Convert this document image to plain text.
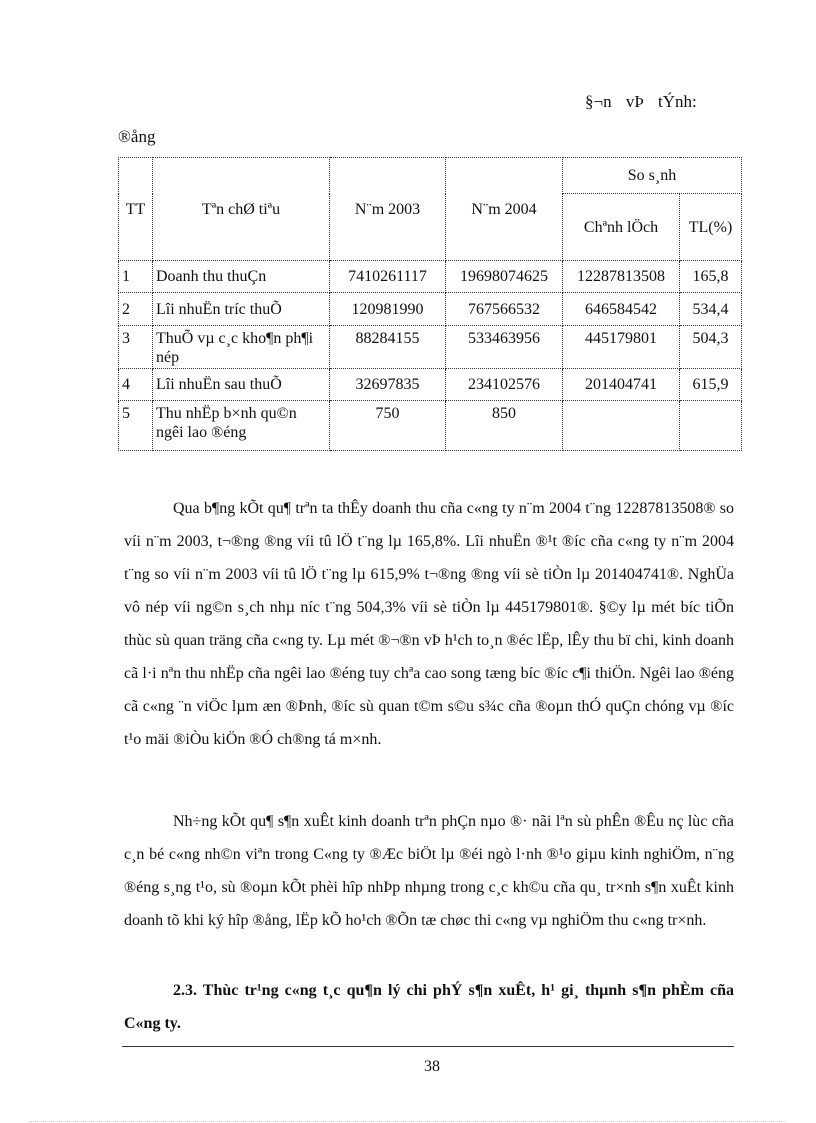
§¬n vÞ tÝnh:
®ång
TT	Tªn chØ tiªu	N¨m 2003	N¨m 2004	So s¸nh	
				Chªnh lÖch	TL(%)
1	Doanh thu thuÇn	7410261117	19698074625	12287813508	165,8
2	Lîi nhuËn tríc thuÕ	120981990	767566532	646584542	534,4
3	ThuÕ vµ c¸c kho¶n ph¶i nép	88284155	533463956	445179801	504,3
4	Lîi nhuËn sau thuÕ	32697835	234102576	201404741	615,9
5	Thu nhËp b×nh qu©n ngêi lao ®éng	750	850		

Qua b¶ng kÕt qu¶ trªn ta thÊy doanh thu cña c«ng ty n¨m 2004 t¨ng 12287813508® so víi n¨m 2003, t¬®ng ®ng víi tû lÖ t¨ng lµ 165,8%. Lîi nhuËn ®¹t ®íc cña c«ng ty n¨m 2004 t¨ng so víi n¨m 2003 víi tû lÖ t¨ng lµ 615,9% t¬®ng ®ng víi sè tiÒn lµ 201404741®. NghÜa vô nép víi ng©n s¸ch nhµ níc t¨ng 504,3% víi sè tiÒn lµ 445179801®. §©y lµ mét bíc tiÕn thùc sù quan träng cña c«ng ty. Lµ mét ®¬®n vÞ h¹ch to¸n ®éc lËp, lÊy thu bï chi, kinh doanh cã l·i nªn thu nhËp cña ngêi lao ®éng tuy chªa cao song tæng bíc ®íc c¶i thiÖn. Ngêi lao ®éng cã c«ng ¨n viÖc lµm æn ®Þnh, ®íc sù quan t©m s©u s¾c cña ®oµn thÓ quÇn chóng vµ ®íc t¹o mäi ®iÒu kiÖn ®Ó ch®ng tá m×nh.

Nh÷ng kÕt qu¶ s¶n xuÊt kinh doanh trªn phÇn nµo ®· nãi lªn sù phÊn ®Êu nç lùc cña c¸n bé c«ng nh©n viªn trong C«ng ty ®Æc biÖt lµ ®éi ngò l·nh ®¹o giµu kinh nghiÖm, n¨ng ®éng s¸ng t¹o, sù ®oµn kÕt phèi hîp nhÞp nhµng trong c¸c kh©u cña qu¸ tr×nh s¶n xuÊt kinh doanh tõ khi ký hîp ®ång, lËp kÕ ho¹ch ®Õn tæ chøc thi c«ng vµ nghiÖm thu c«ng tr×nh.

2.3. Thùc tr¹ng c«ng t¸c qu¶n lý chi phÝ s¶n xuÊt, h¹ gi¸ thµnh s¶n phÈm cña C«ng ty.

38
